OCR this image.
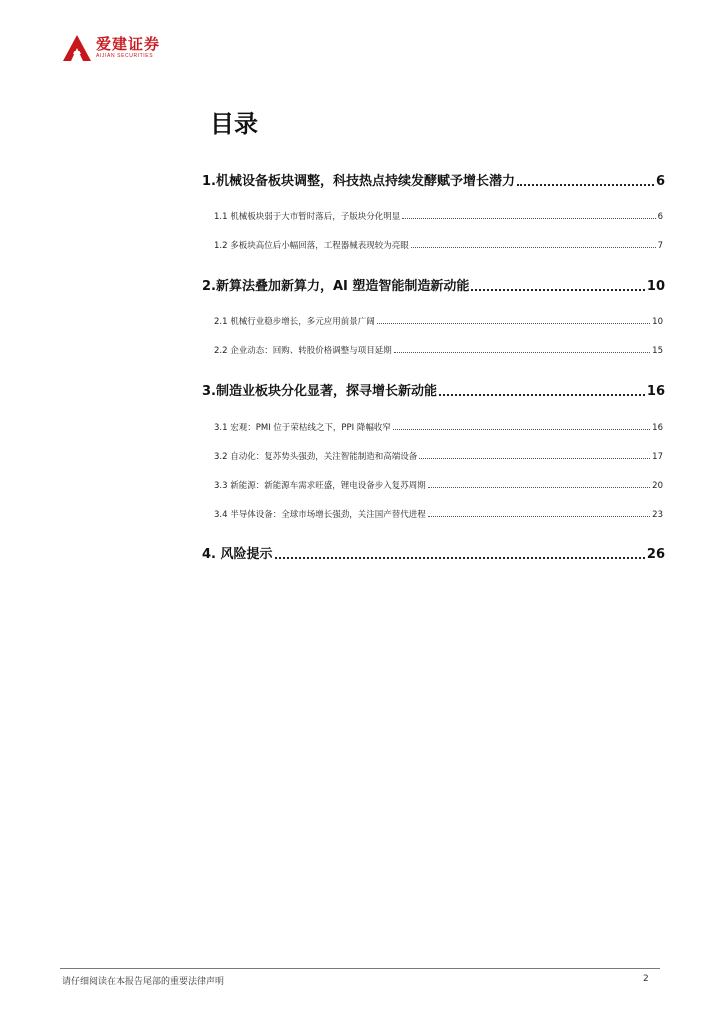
爱建证券
AIJIAN SECURITIES
目录
1.机械设备板块调整，科技热点持续发酵赋予增长潜力	6
1.1 机械板块弱于大市暂时落后，子版块分化明显	6
1.2 多板块高位后小幅回落，工程器械表现较为亮眼	7
2.新算法叠加新算力，AI 塑造智能制造新动能	10
2.1 机械行业稳步增长，多元应用前景广阔	10
2.2 企业动态：回购、转股价格调整与项目延期	15
3.制造业板块分化显著，探寻增长新动能	16
3.1 宏观：PMI 位于荣枯线之下，PPI 降幅收窄	16
3.2 自动化：复苏势头强劲，关注智能制造和高端设备	17
3.3 新能源：新能源车需求旺盛，锂电设备步入复苏周期	20
3.4 半导体设备：全球市场增长强劲，关注国产替代进程	23
4. 风险提示	26
请仔细阅读在本报告尾部的重要法律声明	2
